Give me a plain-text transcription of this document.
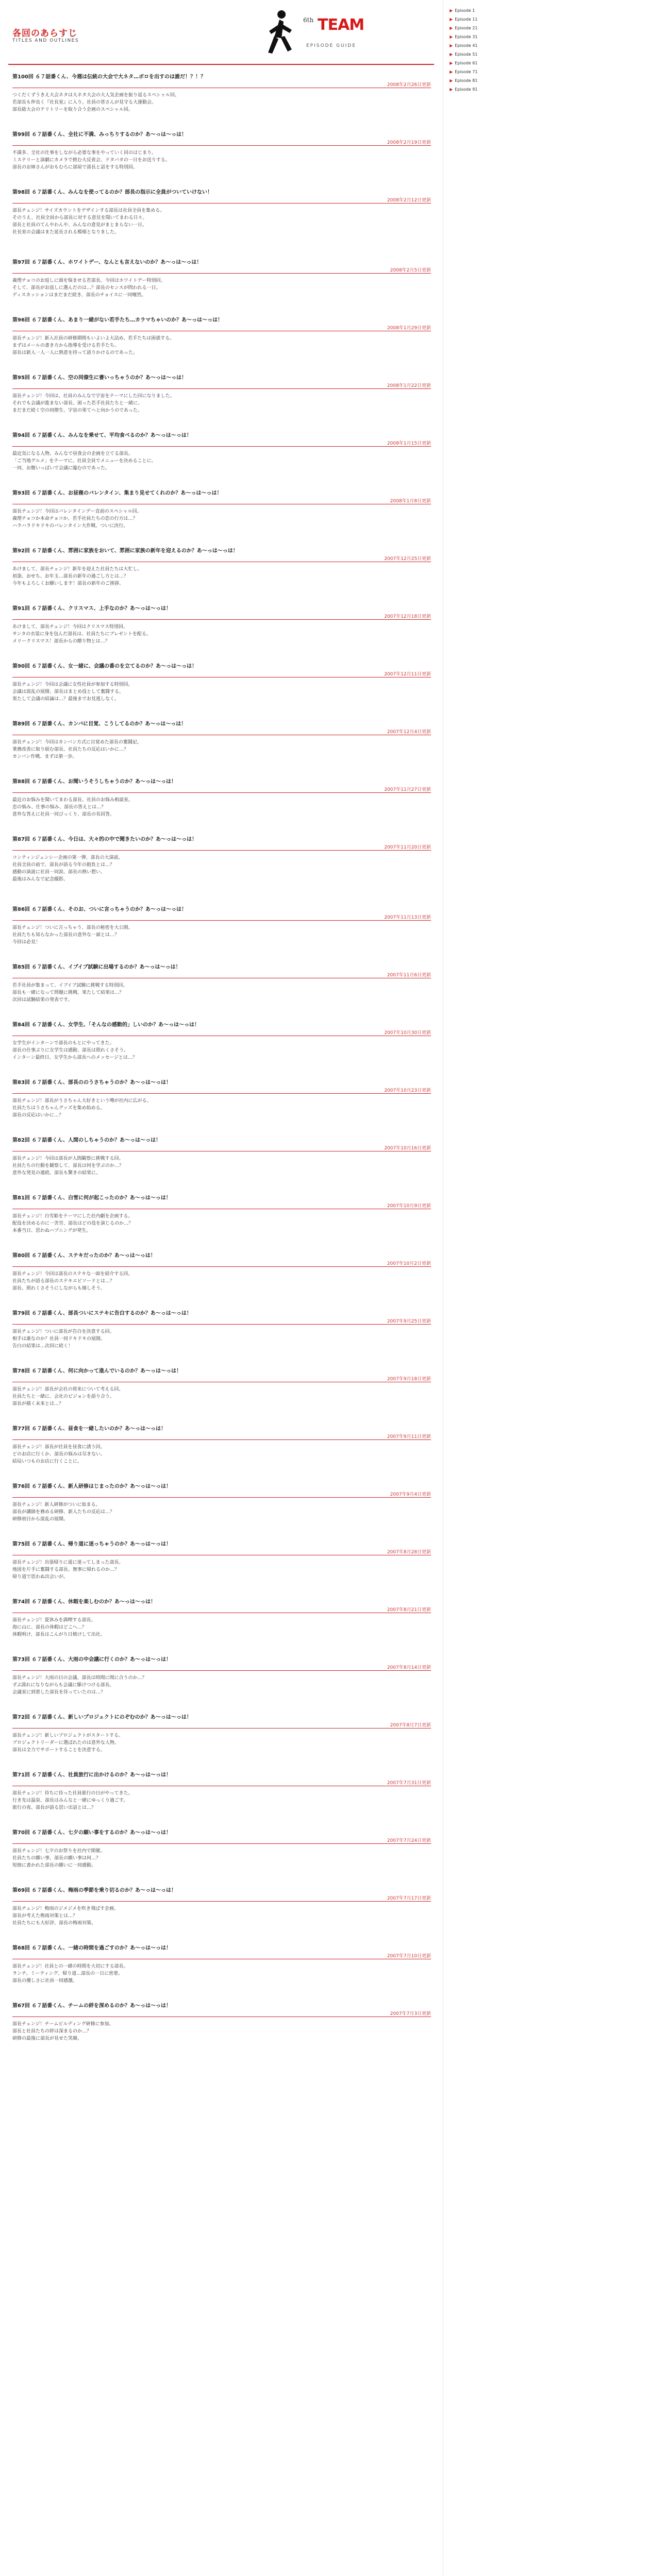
各回のあらすじ
TITLES AND OUTLINES
6th TEAM
EPISODE GUIDE
第100回 ６７話番くん、今週は伝統の大会で大ネタ…ボロを出すのは誰だ！？！？
2008年2月26日更新

つくだくずうきえ大会ネタは大ネタ大会の大人気企画を振り返るスペシャル回。

若部長も仲良く『社長室』に入り、社員の皆さんが見守る大運動会。

部長総大会のテリトリーを取り合う企画のスペシャル回。

第99回 ６７話番くん、全社に不満、みっちりするのか？あ〜っは〜っは！
2008年2月19日更新

不満多、全社の仕事をしながら必要な事をやっていく回のはじまり。

ミステリーと演劇にカメラで挑む大反省会、ドタバタの一日をお送りする。

部長のお姉さんがおもむろに部屋で部長と話をする特別回。

第98回 ６７話番くん、みんなを使ってるのか？部長の指示に全員がついていけない！
2008年2月12日更新

部長チェンジ！サイズカウントをデザインする部長は社員全員を集める。

そのうえ、社員全員から部長に対する意見を聞いてまわる日々。

部長と社員のてんやわんや、みんなの意見がまとまらない一日。

社長室の会議はまた延長される模様となりました。

第97回 ６７話番くん、ホワイトデー、なんとも言えないのか？あ〜っは〜っは！
2008年2月5日更新

義理チョコのお返しに頭を悩ませる若部長、今回はホワイトデー特別回。

そして、部長がお返しに選んだのは…？部長のセンスが問われる一日。

ディスカッションはまだまだ続き、部長のチョイスに一同唖然。

第96回 ６７話番くん、あまり一緒がない若手たち…カラマちゃいのか？あ〜っは〜っは！
2008年1月29日更新

部長チェンジ！新入社員の研修期間もいよいよ大詰め、若手たちは困惑する。

まずはメールの書き方から指導を受ける若手たち。

部長は新人一人一人に熱意を持って語りかけるのであった。

第95回 ６７話番くん、空の同僚生に書いっちゃうのか？あ〜っは〜っは！
2008年1月22日更新

部長チェンジ！今回は、社員のみんなで宇宙をテーマにした回になりました。

それでも会議が進まない部長、困った若手社員たちと一緒に。

まだまだ続く空の同僚生、宇宙の果てへと向かうのであった。

第94回 ６７話番くん、みんなを乗せて、平均食べるのか？あ〜っは〜っは！
2008年1月15日更新

最近気になる人物、みんなで昼食会の企画を立てる部長。

「ご当地グルメ」をテーマに、社員全員でメニューを決めることに。

一同、お腹いっぱいで会議に臨むのであった。

第93回 ６７話番くん、お昼寝のバレンタイン、集まり見せてくれのか？あ〜っは〜っは！
2008年1月8日更新

部長チェンジ！今回はバレンタインデー直前のスペシャル回。

義理チョコか本命チョコか、若手社員たちの恋の行方は…？

ハラハラドキドキのバレンタイン大作戦、ついに決行。

第92回 ６７話番くん、雰囲に家族をおいて、雰囲に家族の新年を迎えるのか？あ〜っは〜っは！
2007年12月25日更新

あけまして、部長チェンジ！新年を迎えた社員たちは大忙し。

初詣、おせち、お年玉…部長の新年の過ごし方とは…？

今年もよろしくお願いします！部長の新年のご挨拶。

第91回 ６７話番くん、クリスマス、上手なのか？あ〜っは〜っは！
2007年12月18日更新

あけまして、部長チェンジ！今回はクリスマス特別回。

サンタの衣装に身を包んだ部長は、社員たちにプレゼントを配る。

メリークリスマス！部長からの贈り物とは…？

第90回 ６７話番くん、女一緒に、会議の番のを立てるのか？あ〜っは〜っは！
2007年12月11日更新

部長チェンジ！今回は会議に女性社員が参加する特別回。

会議は波乱の展開、部長はまとめ役として奮闘する。

果たして会議の結論は…？最後までお見逃しなく。

第89回 ６７話番くん、カンバに目覚、こうしてるのか？あ〜っは〜っは！
2007年12月4日更新

部長チェンジ！今回はカンバン方式に目覚めた部長の奮闘記。

業務改善に取り組む部長、社員たちの反応はいかに…？

カンバン作戦、まずは第一歩。

第88回 ６７話番くん、お聞いうそうしちゃうのか？あ〜っは〜っは！
2007年11月27日更新

最近のお悩みを聞いてまわる部長、社員のお悩み相談室。

恋の悩み、仕事の悩み、部長の答えとは…？

意外な答えに社員一同びっくり、部長の名回答。

第87回 ６７話番くん、今日は、大々的の中で聞きたいのか？あ〜っは〜っは！
2007年11月20日更新

コンティンジェンシー企画の第一弾、部長の大演説。

社員全員の前で、部長が語る今年の抱負とは…？

感動の演説に社員一同涙、部長の熱い想い。

最後はみんなで記念撮影。

第86回 ６７話番くん、そのお、ついに言っちゃうのか？あ〜っは〜っは！
2007年11月13日更新

部長チェンジ！ついに言っちゃう、部長の秘密を大公開。

社員たちも知らなかった部長の意外な一面とは…？

今回は必見！

第85回 ６７話番くん、イブイブ試験に出場するのか？あ〜っは〜っは！
2007年11月6日更新

若手社員が集まって、イブイブ試験に挑戦する特別回。

部長も一緒になって問題に挑戦、果たして結果は…？

次回は試験結果の発表です。

第84回 ６７話番くん、女学生、「そんなの感動的」しいのか？あ〜っは〜っは！
2007年10月30日更新

女学生がインターンで部長のもとにやってきた。

部長の仕事ぶりに女学生は感動、部長は照れくさそう。

インターン最終日、女学生から部長へのメッセージとは…？

第83回 ６７話番くん、部長ののうさちゃうのか？あ〜っは〜っは！
2007年10月23日更新

部長チェンジ！部長がうさちゃん大好きという噂が社内に広がる。

社員たちはうさちゃんグッズを集め始める。

部長の反応はいかに…？

第82回 ６７話番くん、人間のしちゃうのか？あ〜っは〜っは！
2007年10月16日更新

部長チェンジ！今回は部長が人間観察に挑戦する回。

社員たちの行動を観察して、部長は何を学ぶのか…？

意外な発見の連続、部長も驚きの結果に。

第81回 ６７話番くん、白雪に何が起こったのか？あ〜っは〜っは！
2007年10月9日更新

部長チェンジ！白雪姫をテーマにした社内劇を企画する。

配役を決めるのに一苦労、部長はどの役を演じるのか…？

本番当日、思わぬハプニングが発生。

第80回 ６７話番くん、ステキだったのか？あ〜っは〜っは！
2007年10月2日更新

部長チェンジ！今回は部長のステキな一面を紹介する回。

社員たちが語る部長のステキエピソードとは…？

部長、照れくさそうにしながらも嬉しそう。

第79回 ６７話番くん、部長ついにステキに告白するのか？あ〜っは〜っは！
2007年9月25日更新

部長チェンジ！ついに部長が告白を決意する回。

相手は誰なのか？社員一同ドキドキの展開。

告白の結果は…次回に続く！

第78回 ６７話番くん、何に向かって進んでいるのか？あ〜っは〜っは！
2007年9月18日更新

部長チェンジ！部長が会社の将来について考える回。

社員たちと一緒に、会社のビジョンを語り合う。

部長が描く未来とは…？

第77回 ６７話番くん、昼食を一緒したいのか？あ〜っは〜っは！
2007年9月11日更新

部長チェンジ！部長が社員を昼食に誘う回。

どのお店に行くか、部長の悩みは尽きない。

結局いつものお店に行くことに。

第76回 ６７話番くん、新人研修はじまったのか？あ〜っは〜っは！
2007年9月4日更新

部長チェンジ！新人研修がついに始まる。

部長が講師を務める研修、新人たちの反応は…？

研修初日から波乱の展開。

第75回 ６７話番くん、帰り道に迷っちゃうのか？あ〜っは〜っは！
2007年8月28日更新

部長チェンジ！出張帰りに道に迷ってしまった部長。

地図を片手に奮闘する部長、無事に帰れるのか…？

帰り道で思わぬ出会いが。

第74回 ６７話番くん、休暇を楽しむのか？あ〜っは〜っは！
2007年8月21日更新

部長チェンジ！夏休みを満喫する部長。

海に山に、部長の休暇はどこへ…？

休暇明け、部長はこんがり日焼けして出社。

第73回 ６７話番くん、大雨の中会議に行くのか？あ〜っは〜っは！
2007年8月14日更新

部長チェンジ！大雨の日の会議、部長は時間に間に合うのか…？

ずぶ濡れになりながらも会議に駆けつける部長。

会議室に到着した部長を待っていたのは…？

第72回 ６７話番くん、新しいプロジェクトにのぞむのか？あ〜っは〜っは！
2007年8月7日更新

部長チェンジ！新しいプロジェクトがスタートする。

プロジェクトリーダーに選ばれたのは意外な人物。

部長は全力でサポートすることを決意する。

第71回 ６７話番くん、社員旅行に出かけるのか？あ〜っは〜っは！
2007年7月31日更新

部長チェンジ！待ちに待った社員旅行の日がやってきた。

行き先は温泉、部長はみんなと一緒にゆっくり過ごす。

旅行の夜、部長が語る思い出話とは…？

第70回 ６７話番くん、七夕の願い事をするのか？あ〜っは〜っは！
2007年7月24日更新

部長チェンジ！七夕のお祭りを社内で開催。

社員たちの願い事、部長の願い事は何…？

短冊に書かれた部長の願いに一同感動。

第69回 ６７話番くん、梅雨の季節を乗り切るのか？あ〜っは〜っは！
2007年7月17日更新

部長チェンジ！梅雨のジメジメを吹き飛ばす企画。

部長が考えた梅雨対策とは…？

社員たちにも大好評、部長の梅雨対策。

第68回 ６７話番くん、一緒の時間を過ごすのか？あ〜っは〜っは！
2007年7月10日更新

部長チェンジ！社員との一緒の時間を大切にする部長。

ランチ、ミーティング、帰り道…部長の一日に密着。

部長の優しさに社員一同感激。

第67回 ６７話番くん、チームの絆を深めるのか？あ〜っは〜っは！
2007年7月3日更新

部長チェンジ！チームビルディング研修に参加。

部長と社員たちの絆は深まるのか…？

研修の最後に部長が見せた笑顔。

▶ Episode 1
▶ Episode 11
▶ Episode 21
▶ Episode 31
▶ Episode 41
▶ Episode 51
▶ Episode 61
▶ Episode 71
▶ Episode 81
▶ Episode 91
